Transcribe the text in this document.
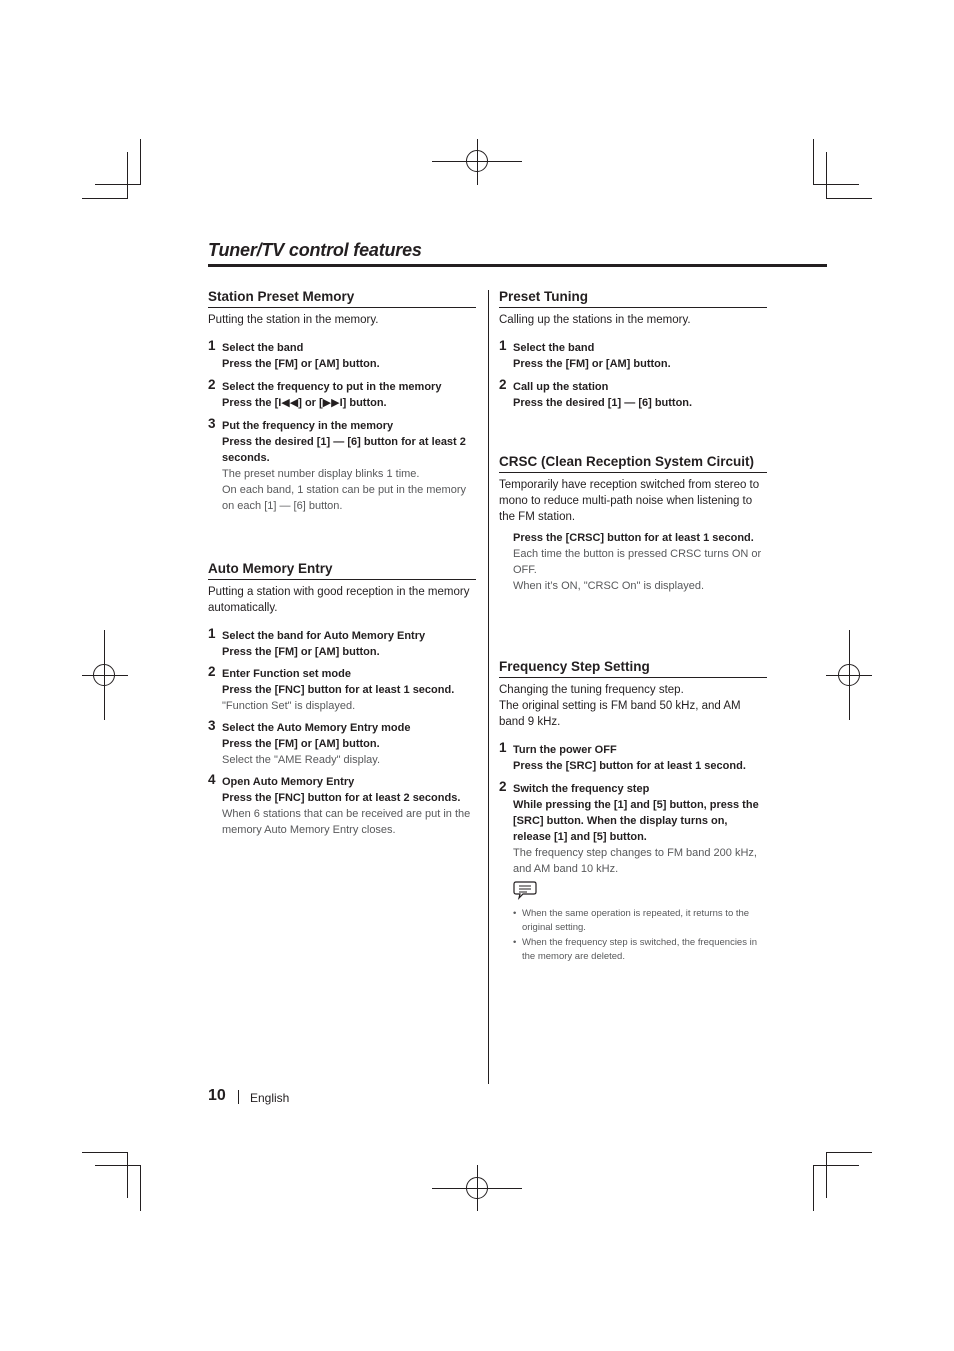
Tuner/TV control features
Station Preset Memory
Putting the station in the memory.
1 Select the band
Press the [FM] or [AM] button.
2 Select the frequency to put in the memory
Press the [I◀◀] or [▶▶I] button.
3 Put the frequency in the memory
Press the desired [1] — [6] button for at least 2 seconds.
The preset number display blinks 1 time.
On each band, 1 station can be put in the memory on each [1] — [6] button.
Auto Memory Entry
Putting a station with good reception in the memory automatically.
1 Select the band for Auto Memory Entry
Press the [FM] or [AM] button.
2 Enter Function set mode
Press the [FNC] button for at least 1 second.
"Function Set" is displayed.
3 Select the Auto Memory Entry mode
Press the [FM] or [AM] button.
Select the "AME Ready" display.
4 Open Auto Memory Entry
Press the [FNC] button for at least 2 seconds.
When 6 stations that can be received are put in the memory Auto Memory Entry closes.
Preset Tuning
Calling up the stations in the memory.
1 Select the band
Press the [FM] or [AM] button.
2 Call up the station
Press the desired [1] — [6] button.
CRSC (Clean Reception System Circuit)
Temporarily have reception switched from stereo to mono to reduce multi-path noise when listening to the FM station.
Press the [CRSC] button for at least 1 second.
Each time the button is pressed CRSC turns ON or OFF.
When it’s ON, "CRSC On" is displayed.
Frequency Step Setting
Changing the tuning frequency step.
The original setting is FM band 50 kHz, and AM band 9 kHz.
1 Turn the power OFF
Press the [SRC] button for at least 1 second.
2 Switch the frequency step
While pressing the [1] and [5] button, press the [SRC] button. When the display turns on, release [1] and [5] button.
The frequency step changes to FM band 200 kHz, and AM band 10 kHz.
• When the same operation is repeated, it returns to the original setting.
• When the frequency step is switched, the frequencies in the memory are deleted.
10 English
